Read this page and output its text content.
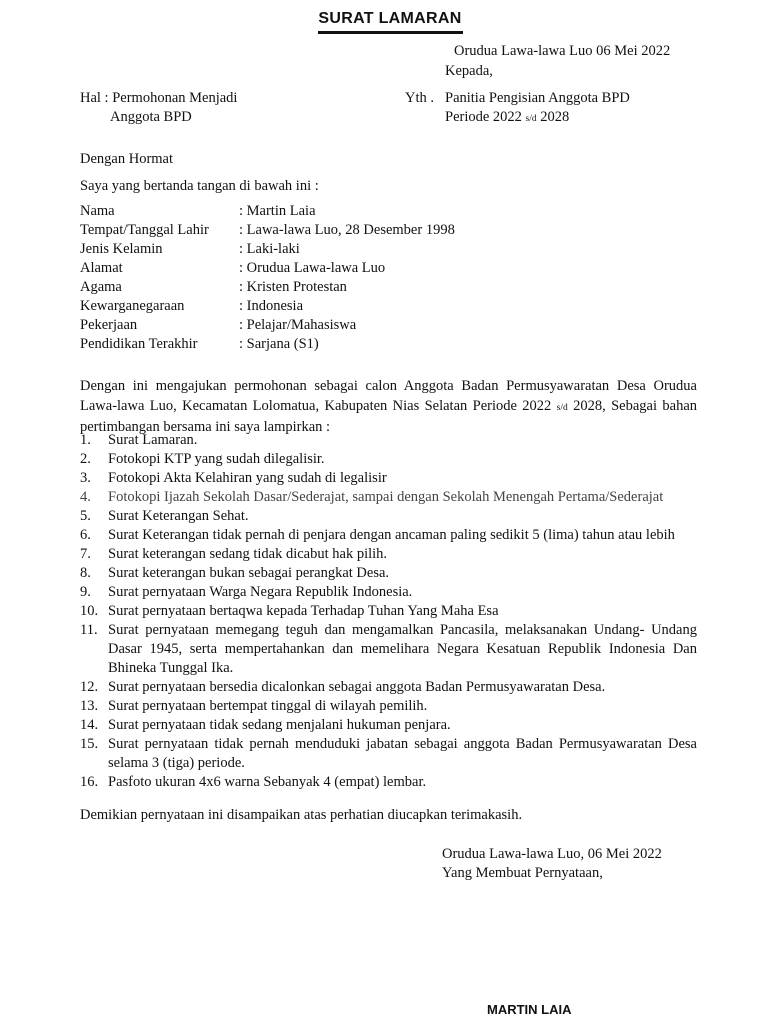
SURAT LAMARAN
Orudua Lawa-lawa Luo 06 Mei 2022
Kepada,
Hal : Permohonan Menjadi
Anggota BPD
Yth . Panitia Pengisian Anggota BPD
Periode 2022 s/d 2028
Dengan Hormat
Saya yang bertanda tangan di bawah ini :
Nama	: Martin Laia
Tempat/Tanggal Lahir	: Lawa-lawa Luo, 28 Desember 1998
Jenis Kelamin	: Laki-laki
Alamat	: Orudua Lawa-lawa Luo
Agama	: Kristen Protestan
Kewarganegaraan	: Indonesia
Pekerjaan	: Pelajar/Mahasiswa
Pendidikan Terakhir	: Sarjana (S1)
Dengan ini mengajukan permohonan sebagai calon Anggota Badan Permusyawaratan Desa Orudua Lawa-lawa Luo, Kecamatan Lolomatua, Kabupaten Nias Selatan Periode 2022 s/d 2028, Sebagai bahan pertimbangan bersama ini saya lampirkan :
1.	Surat Lamaran.
2.	Fotokopi KTP yang sudah dilegalisir.
3.	Fotokopi Akta Kelahiran yang sudah di legalisir
4.	Fotokopi Ijazah Sekolah Dasar/Sederajat, sampai dengan Sekolah Menengah Pertama/Sederajat
5.	Surat Keterangan Sehat.
6.	Surat Keterangan tidak pernah di penjara dengan ancaman paling sedikit 5 (lima) tahun atau lebih
7.	Surat keterangan sedang tidak dicabut hak pilih.
8.	Surat keterangan bukan sebagai perangkat Desa.
9.	Surat pernyataan Warga Negara Republik Indonesia.
10. Surat pernyataan bertaqwa kepada Terhadap Tuhan Yang Maha Esa
11. Surat pernyataan memegang teguh dan mengamalkan Pancasila, melaksanakan Undang- Undang Dasar 1945, serta mempertahankan dan memelihara Negara Kesatuan Republik Indonesia Dan Bhineka Tunggal Ika.
12. Surat pernyataan bersedia dicalonkan sebagai anggota Badan Permusyawaratan Desa.
13. Surat pernyataan bertempat tinggal di wilayah pemilih.
14. Surat pernyataan tidak sedang menjalani hukuman penjara.
15. Surat pernyataan tidak pernah menduduki jabatan sebagai anggota Badan Permusyawaratan Desa selama 3 (tiga) periode.
16. Pasfoto ukuran 4x6 warna Sebanyak 4 (empat) lembar.
Demikian pernyataan ini disampaikan atas perhatian diucapkan terimakasih.
Orudua Lawa-lawa Luo, 06 Mei 2022
Yang Membuat Pernyataan,
MARTIN LAIA
